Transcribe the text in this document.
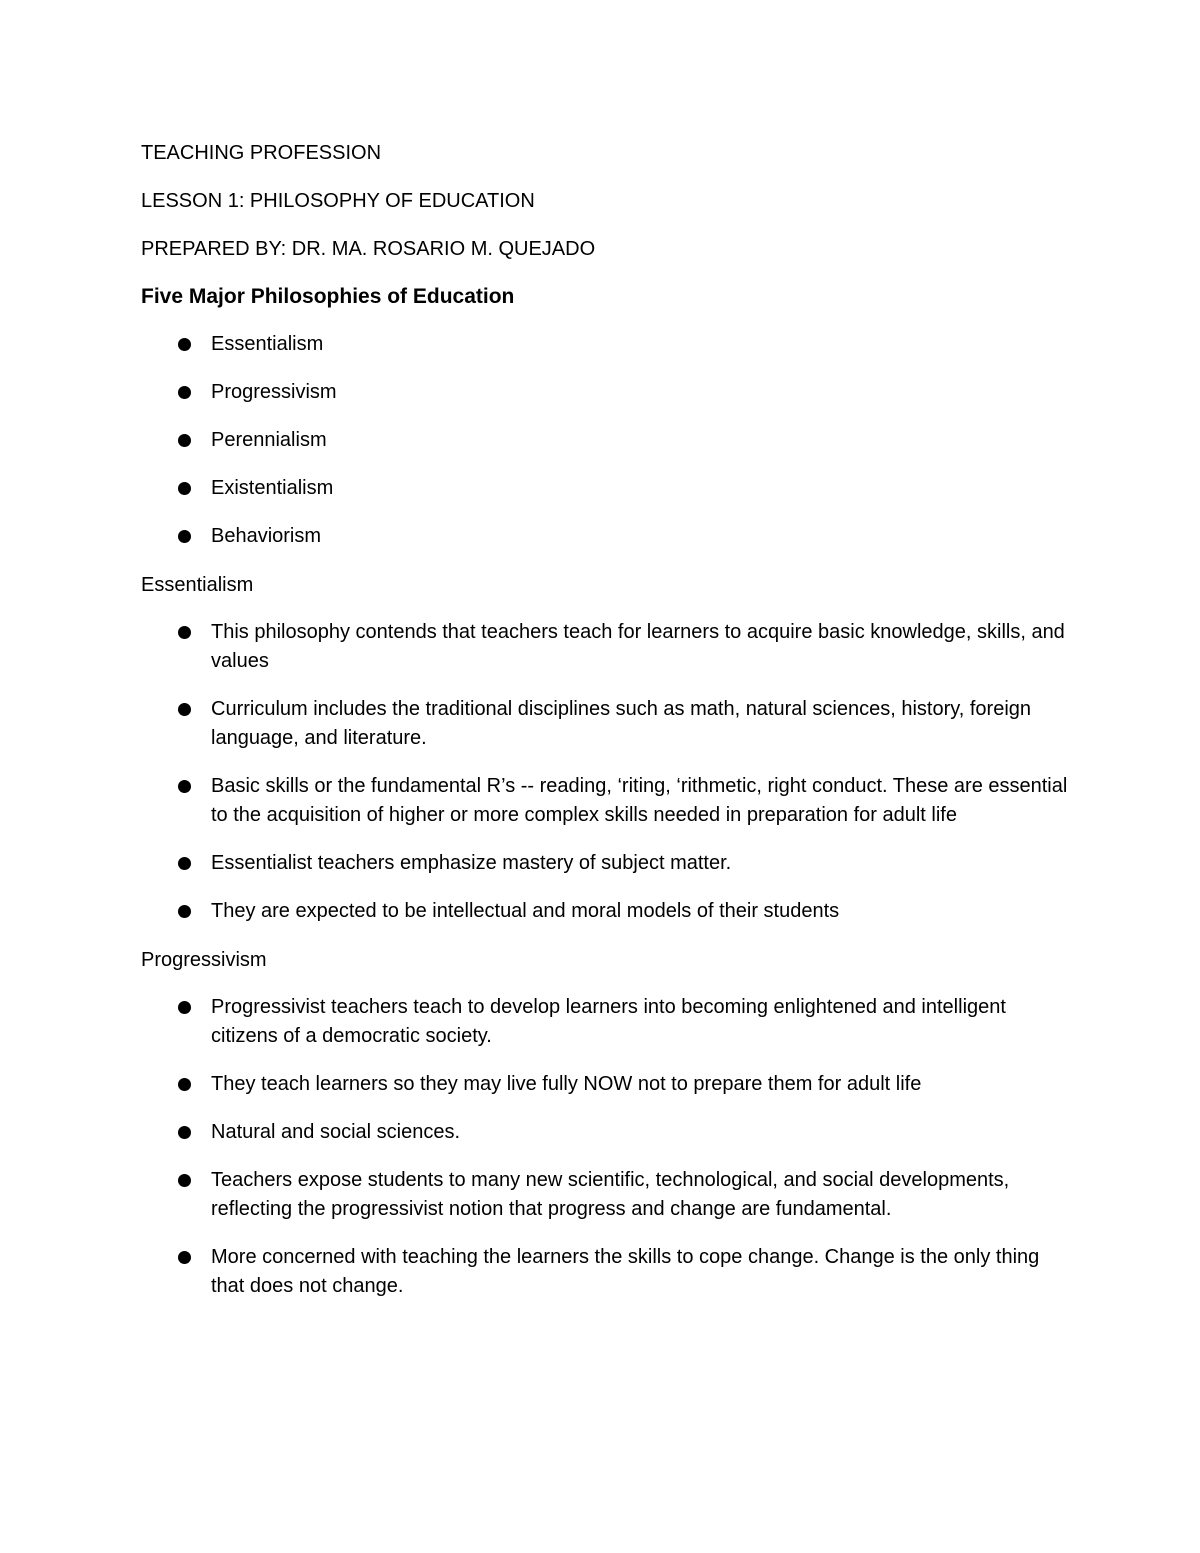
TEACHING PROFESSION

LESSON 1: PHILOSOPHY OF EDUCATION

PREPARED BY: DR. MA. ROSARIO M. QUEJADO

Five Major Philosophies of Education

Essentialism
Progressivism
Perennialism
Existentialism
Behaviorism

Essentialism

This philosophy contends that teachers teach for learners to acquire basic knowledge, skills, and values
Curriculum includes the traditional disciplines such as math, natural sciences, history, foreign language, and literature.
Basic skills or the fundamental R’s -- reading, ‘riting, ‘rithmetic, right conduct. These are essential to the acquisition of higher or more complex skills needed in preparation for adult life
Essentialist teachers emphasize mastery of subject matter.
They are expected to be intellectual and moral models of their students

Progressivism

Progressivist teachers teach to develop learners into becoming enlightened and intelligent citizens of a democratic society.
They teach learners so they may live fully NOW not to prepare them for adult life
Natural and social sciences.
Teachers expose students to many new scientific, technological, and social developments, reflecting the progressivist notion that progress and change are fundamental.
More concerned with teaching the learners the skills to cope change. Change is the only thing that does not change.
